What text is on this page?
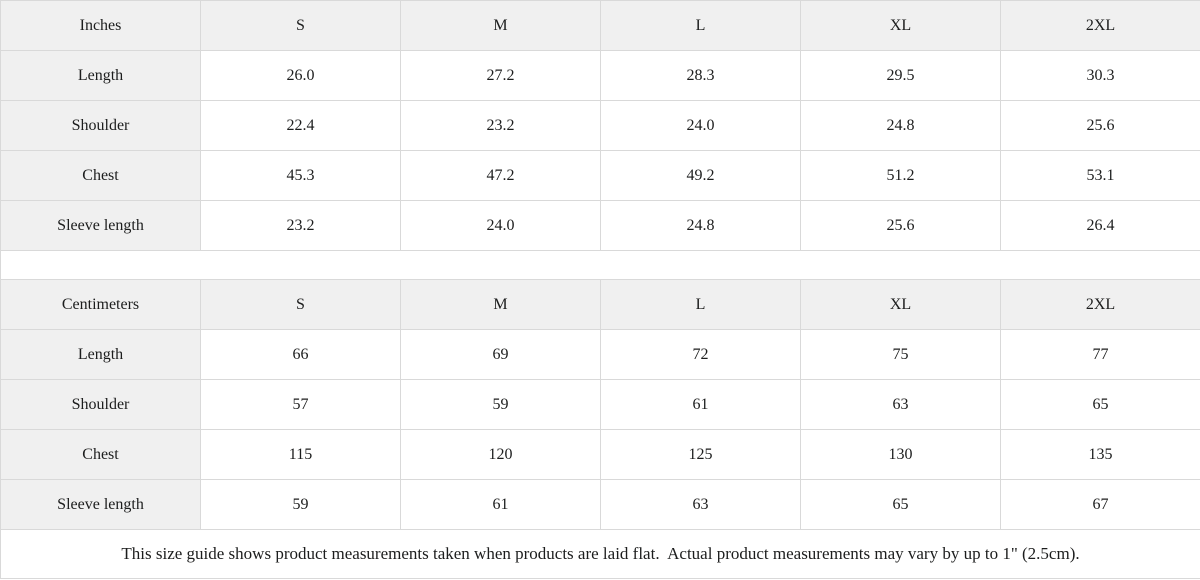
Inches	S	M	L	XL	2XL
Length	26.0	27.2	28.3	29.5	30.3
Shoulder	22.4	23.2	24.0	24.8	25.6
Chest	45.3	47.2	49.2	51.2	53.1
Sleeve length	23.2	24.0	24.8	25.6	26.4

Centimeters	S	M	L	XL	2XL
Length	66	69	72	75	77
Shoulder	57	59	61	63	65
Chest	115	120	125	130	135
Sleeve length	59	61	63	65	67
This size guide shows product measurements taken when products are laid flat.  Actual product measurements may vary by up to 1" (2.5cm).					
